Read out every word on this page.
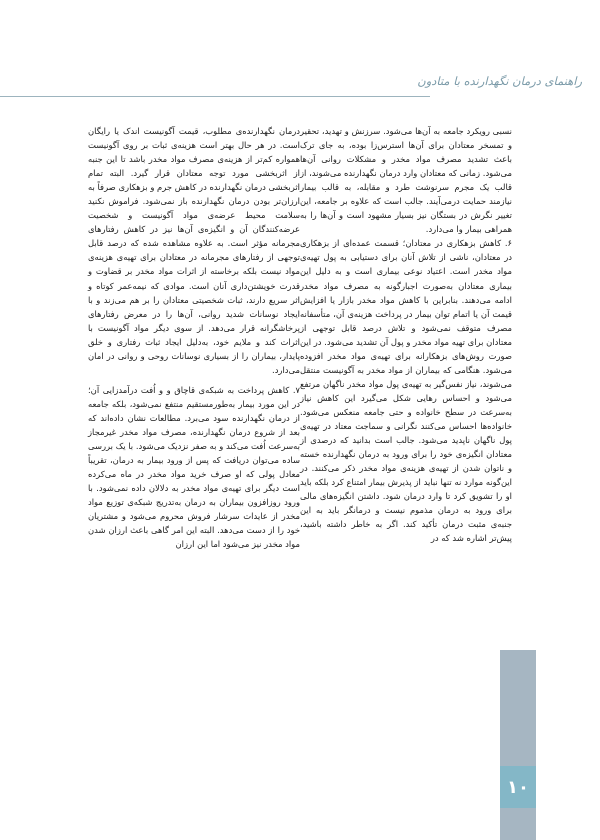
راهنمای درمان نگهدارنده با متادون

نسبی رویکرد جامعه به آن‌ها می‌شود. سرزنش و تهدید، تحقیر و تمسخر معتادان برای آن‌ها استرس‌زا بوده، به جای ترک باعث تشدید مصرف مواد مخدر و مشکلات روانی آن‌ها می‌شود. زمانی که معتادان وارد درمان نگهدارنده می‌شوند، از قالب یک مجرم سرنوشت طرد و مقابله، به قالب بیمار نیازمند حمایت درمی‌آیند. جالب است که علاوه بر جامعه، این تغییر نگرش در بستگان نیز بسیار مشهود است و آن‌ها را به همراهی بیمار وا می‌دارد.

۶. کاهش بزهکاری در معتادان؛ قسمت عمده‌ای از بزهکاری در معتادان، ناشی از تلاش آنان برای دستیابی به پول تهیه‌ی مواد مخدر است. اعتیاد نوعی بیماری است و به دلیل این بیماری معتادان به‌صورت اجبارگونه به مصرف مواد مخدر ادامه می‌دهند. بنابراین با کاهش مواد مخدر بازار یا افزایش قیمت آن یا اتمام توان بیمار در پرداخت هزینه‌ی آن، متأسفانه مصرف متوقف نمی‌شود و تلاش درصد قابل توجهی از معتادان برای تهیه مواد مخدر و پول آن تشدید می‌شود. در این صورت روش‌های بزهکارانه برای تهیه‌ی مواد مخدر افزوده می‌شود. هنگامی که بیماران از مواد مخدر به آگونیست منتقل می‌شوند، نیاز نفس‌گیر به تهیه‌ی پول مواد مخدر ناگهان مرتفع می‌شود و احساس رهایی شکل می‌گیرد این کاهش نیاز به‌سرعت در سطح خانواده و حتی جامعه منعکس می‌شود. خانواده‌ها احساس می‌کنند نگرانی و سماجت معتاد در تهیه‌ی پول ناگهان ناپدید می‌شود. جالب است بدانید که درصدی از معتادان انگیزه‌ی خود را برای ورود به درمان نگهدارنده خسته و ناتوان شدن از تهیه‌ی هزینه‌ی مواد مخدر ذکر می‌کنند. در این‌گونه موارد نه تنها نباید از پذیرش بیمار امتناع کرد بلکه باید او را تشویق کرد تا وارد درمان شود. داشتن انگیزه‌های مالی برای ورود به درمان مذموم نیست و درمانگر باید به این جنبه‌ی مثبت درمان تأکید کند. اگر به خاطر داشته باشید، پیش‌تر اشاره شد که در

درمان نگهدارنده‌ی مطلوب، قیمت آگونیست اندک یا رایگان است. در هر حال بهتر است هزینه‌ی ثبات بر روی آگونیست همواره کم‌تر از هزینه‌ی مصرف مواد مخدر باشد تا این جنبه از اثربخشی مورد توجه معتادان قرار گیرد. البته تمام اثربخشی درمان نگهدارنده در کاهش جرم و بزهکاری صرفاً به ارزان‌تر بودن درمان نگهدارنده باز نمی‌شود. فراموش نکنید سلامت محیط عرضه‌ی مواد آگونیست و شخصیت عرضه‌کنندگان آن و انگیزه‌ی آن‌ها نیز در کاهش رفتارهای مجرمانه مؤثر است. به علاوه مشاهده شده که درصد قابل توجهی از رفتارهای مجرمانه در معتادان برای تهیه‌ی هزینه‌ی مواد نیست بلکه برخاسته از اثرات مواد مخدر بر قضاوت و قدرت خویشتن‌داری آنان است. موادی که نیمه‌عمر کوتاه و اثر سریع دارند، ثبات شخصیتی معتادان را بر هم می‌زند و با ایجاد نوسانات شدید روانی، آن‌ها را در معرض رفتارهای پرخاشگرانه قرار می‌دهد. از سوی دیگر مواد آگونیست با اثرات کند و ملایم خود، به‌دلیل ایجاد ثبات رفتاری و خلق پایدار، بیماران را از بسیاری نوسانات روحی و روانی در امان می‌دارد.

۷. کاهش پرداخت به شبکه‌ی قاچاق و و اُفت درآمدزایی آن؛ در این مورد بیمار به‌طورمستقیم منتفع نمی‌شود، بلکه جامعه از درمان نگهدارنده سود می‌برد. مطالعات نشان داده‌اند که بعد از شروع درمان نگهدارنده، مصرف مواد مخدر غیرمجاز به‌سرعت اُفت می‌کند و به صفر نزدیک می‌شود. با یک بررسی ساده می‌توان دریافت که پس از ورود بیمار به درمان، تقریباً معادل پولی که او صرف خرید مواد مخدر در ماه می‌کرده است دیگر برای تهیه‌ی مواد مخدر به دلالان داده نمی‌شود. با ورود روزافزون بیماران به درمان به‌تدریج شبکه‌ی توزیع مواد مخدر از عایدات سرشار فروش محروم می‌شود و مشتریان خود را از دست می‌دهد. البته این امر گاهی باعث ارزان شدن مواد مخدر نیز می‌شود اما این ارزان

۱۰
